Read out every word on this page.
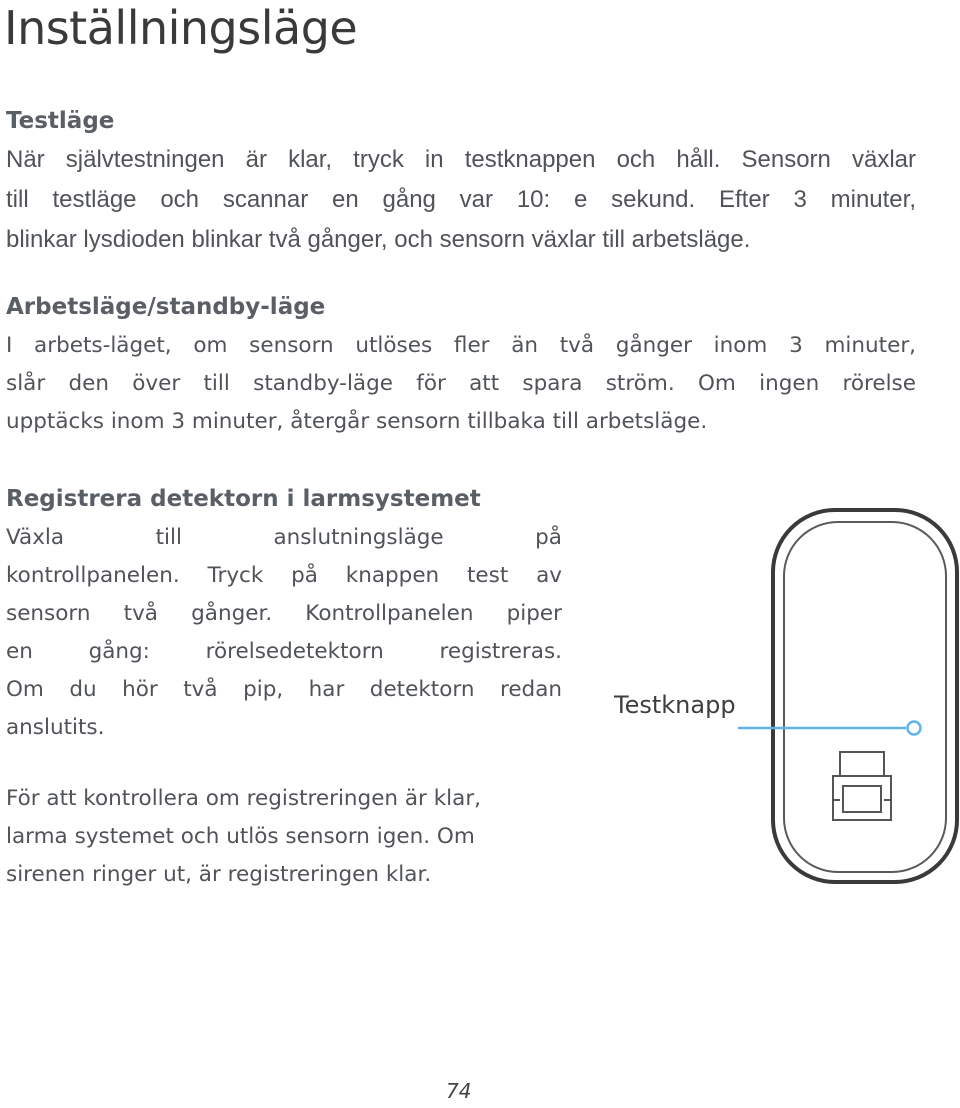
Inställningsläge
Testläge
När självtestningen är klar, tryck in testknappen och håll. Sensorn växlar
till testläge och scannar en gång var 10: e sekund. Efter 3 minuter,
blinkar lysdioden blinkar två gånger, och sensorn växlar till arbetsläge.
Arbetsläge/standby-läge
I arbets-läget, om sensorn utlöses fler än två gånger inom 3 minuter,
slår den över till standby-läge för att spara ström. Om ingen rörelse
upptäcks inom 3 minuter, återgår sensorn tillbaka till arbetsläge.
Registrera detektorn i larmsystemet
Växla till anslutningsläge på
kontrollpanelen. Tryck på knappen test av
sensorn två gånger. Kontrollpanelen piper
en gång: rörelsedetektorn registreras.
Om du hör två pip, har detektorn redan
anslutits.
För att kontrollera om registreringen är klar,
larma systemet och utlös sensorn igen. Om
sirenen ringer ut, är registreringen klar.
Testknapp
74
